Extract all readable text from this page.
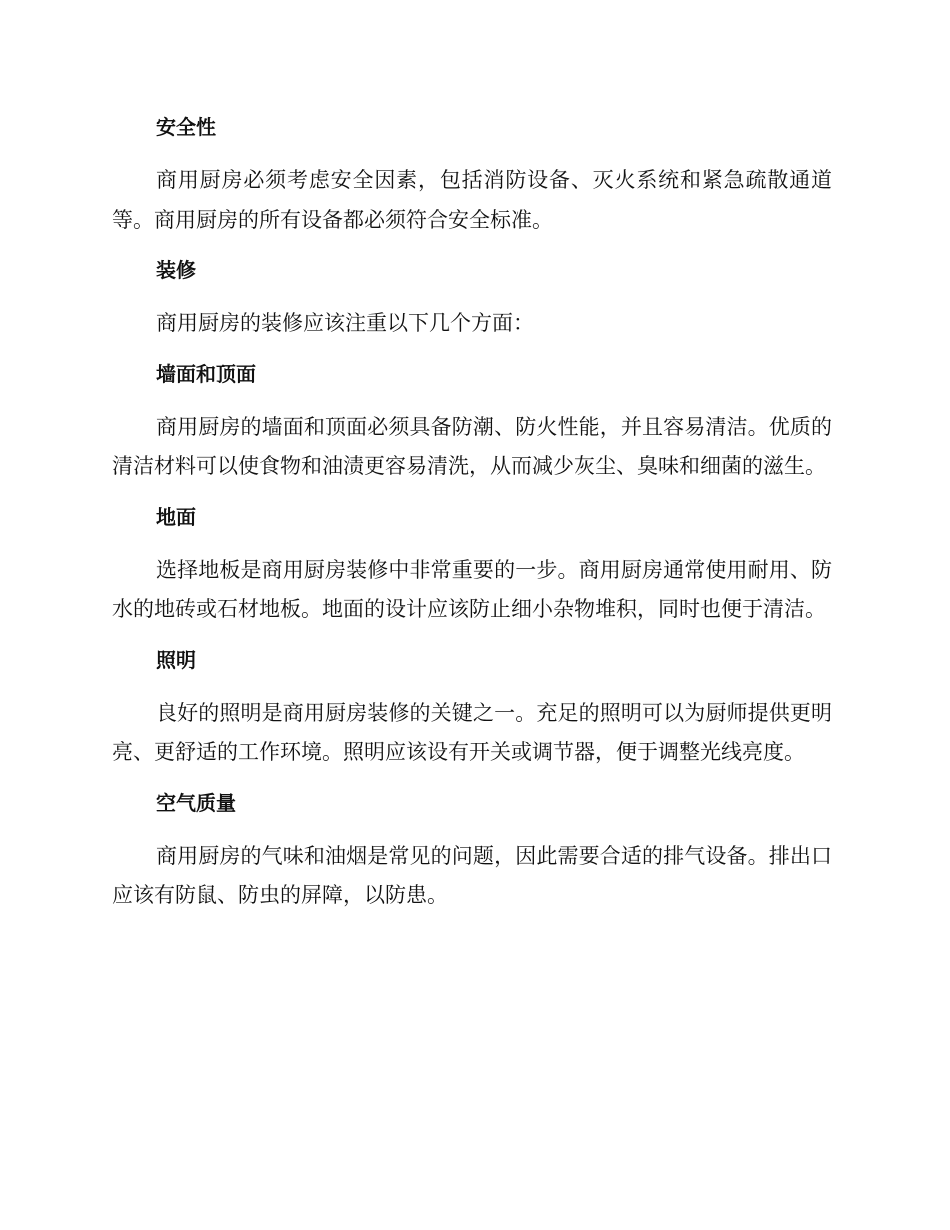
安全性

商用厨房必须考虑安全因素，包括消防设备、灭火系统和紧急疏散通道等。商用厨房的所有设备都必须符合安全标准。

装修

商用厨房的装修应该注重以下几个方面：

墙面和顶面

商用厨房的墙面和顶面必须具备防潮、防火性能，并且容易清洁。优质的清洁材料可以使食物和油渍更容易清洗，从而减少灰尘、臭味和细菌的滋生。

地面

选择地板是商用厨房装修中非常重要的一步。商用厨房通常使用耐用、防水的地砖或石材地板。地面的设计应该防止细小杂物堆积，同时也便于清洁。

照明

良好的照明是商用厨房装修的关键之一。充足的照明可以为厨师提供更明亮、更舒适的工作环境。照明应该设有开关或调节器，便于调整光线亮度。

空气质量

商用厨房的气味和油烟是常见的问题，因此需要合适的排气设备。排出口应该有防鼠、防虫的屏障，以防患。
